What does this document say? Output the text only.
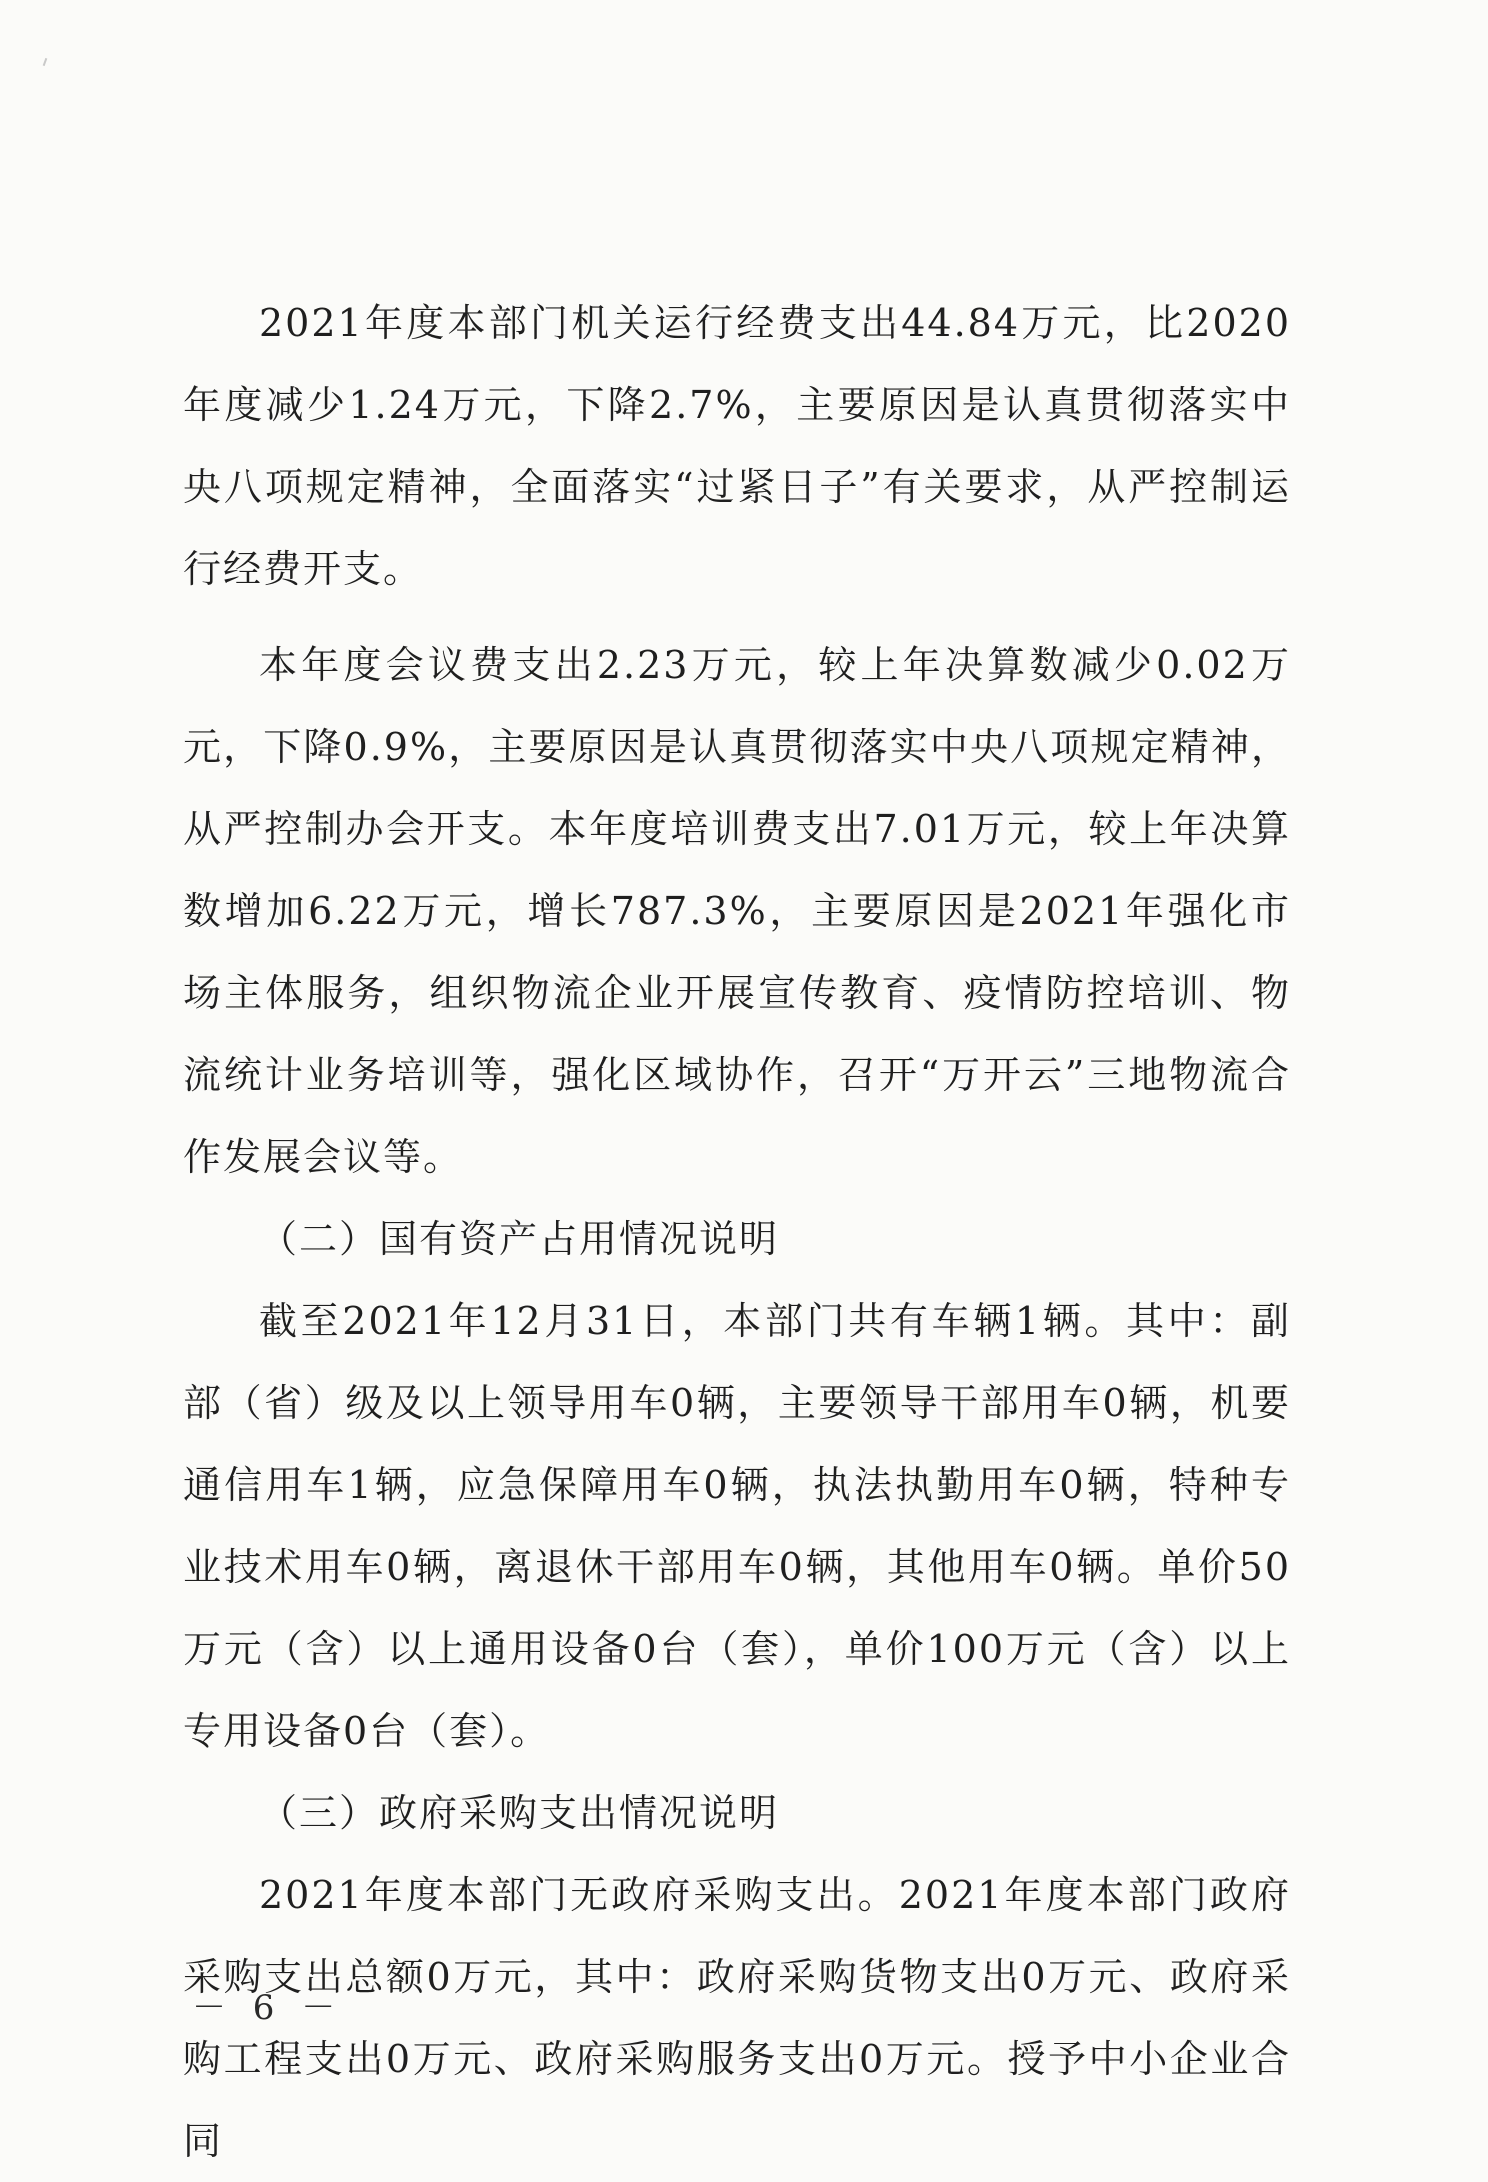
2021年度本部门机关运行经费支出44.84万元，比2020年度减少1.24万元，下降2.7%，主要原因是认真贯彻落实中央八项规定精神，全面落实“过紧日子”有关要求，从严控制运行经费开支。

本年度会议费支出2.23万元，较上年决算数减少0.02万元，下降0.9%，主要原因是认真贯彻落实中央八项规定精神，从严控制办会开支。本年度培训费支出7.01万元，较上年决算数增加6.22万元，增长787.3%，主要原因是2021年强化市场主体服务，组织物流企业开展宣传教育、疫情防控培训、物流统计业务培训等，强化区域协作，召开“万开云”三地物流合作发展会议等。

（二）国有资产占用情况说明

截至2021年12月31日，本部门共有车辆1辆。其中：副部（省）级及以上领导用车0辆，主要领导干部用车0辆，机要通信用车1辆，应急保障用车0辆，执法执勤用车0辆，特种专业技术用车0辆，离退休干部用车0辆，其他用车0辆。单价50万元（含）以上通用设备0台（套），单价100万元（含）以上专用设备0台（套）。

（三）政府采购支出情况说明

2021年度本部门无政府采购支出。2021年度本部门政府采购支出总额0万元，其中：政府采购货物支出0万元、政府采购工程支出0万元、政府采购服务支出0万元。授予中小企业合同

－ 6 －
